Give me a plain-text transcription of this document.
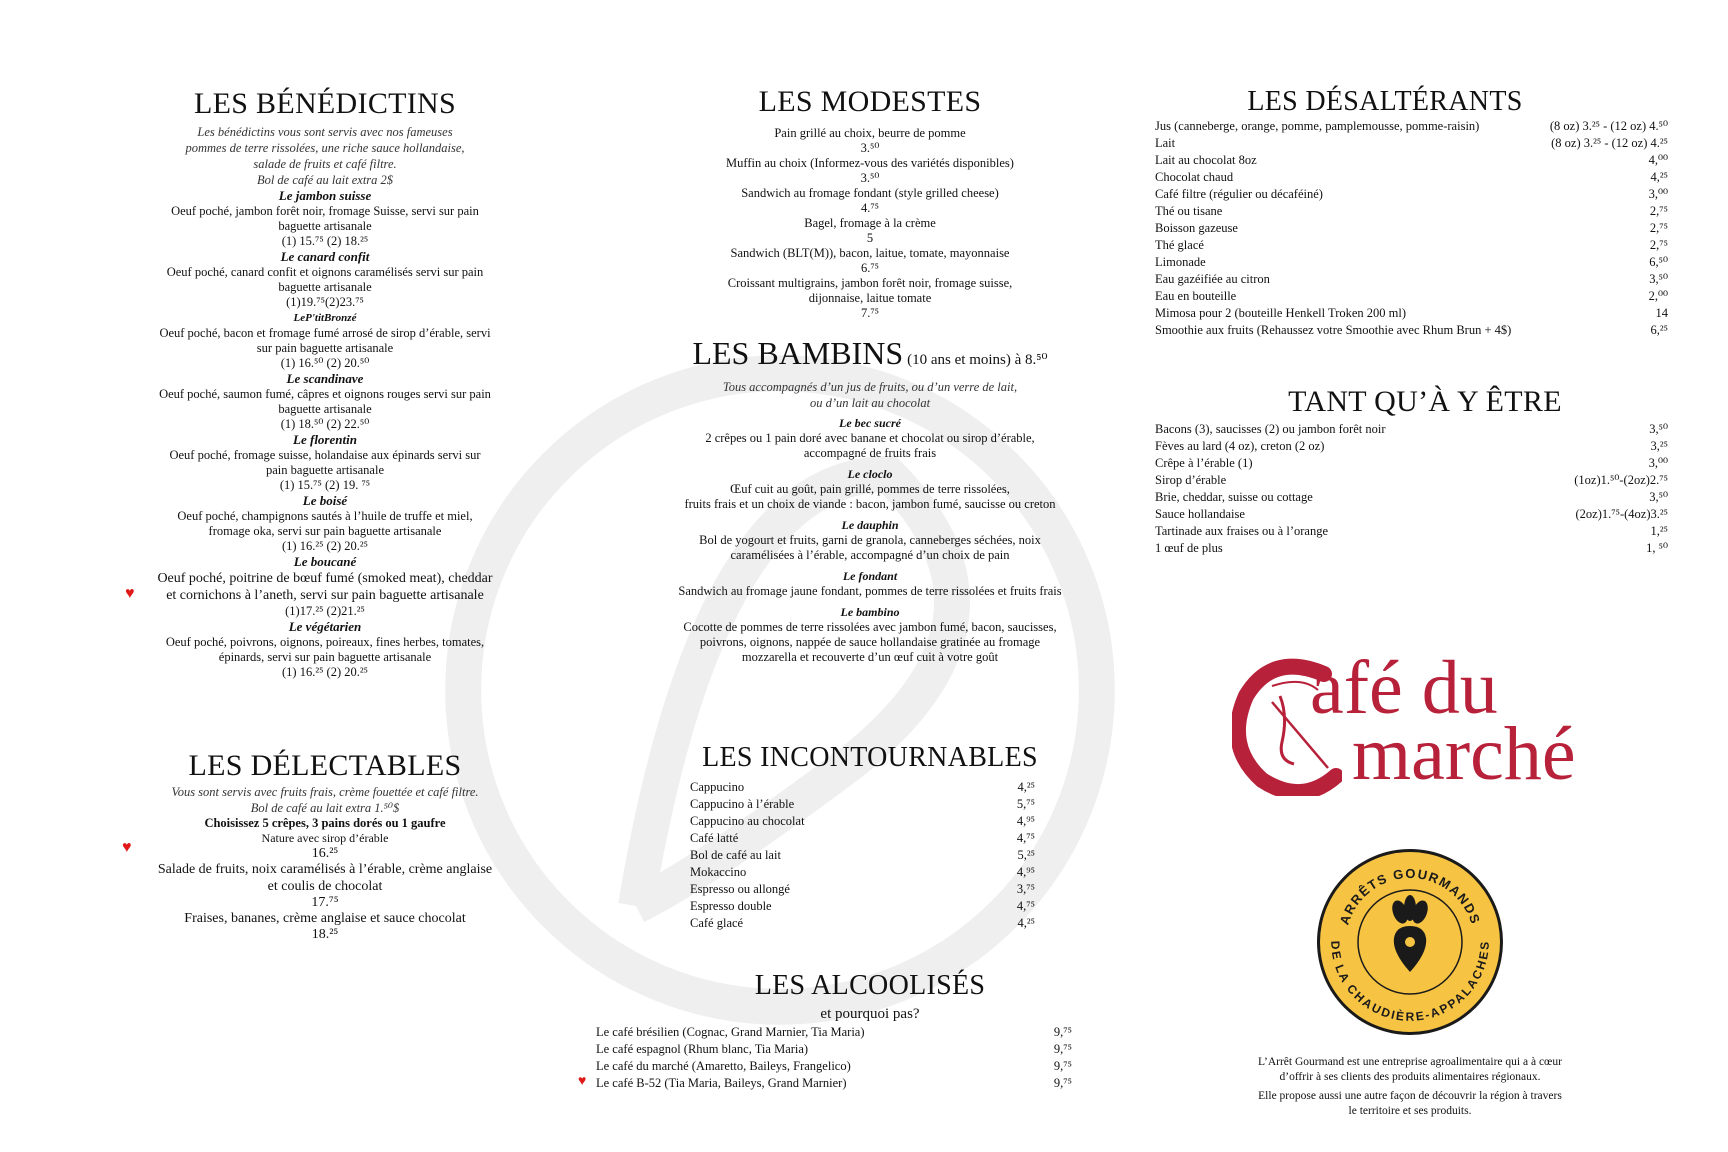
LES BÉNÉDICTINS
Les bénédictins vous sont servis avec nos fameuses
pommes de terre rissolées, une riche sauce hollandaise,
salade de fruits et café filtre.
Bol de café au lait extra 2$
Le jambon suisse
Oeuf poché, jambon forêt noir, fromage Suisse, servi sur pain
baguette artisanale
(1) 15.⁷⁵ (2) 18.²⁵
Le canard confit
Oeuf poché, canard confit et oignons caramélisés servi sur pain
baguette artisanale
(1)19.⁷⁵(2)23.⁷⁵
LeP'titBronzé
Oeuf poché, bacon et fromage fumé arrosé de sirop d’érable, servi
sur pain baguette artisanale
(1) 16.⁵⁰ (2) 20.⁵⁰
Le scandinave
Oeuf poché, saumon fumé, câpres et oignons rouges servi sur pain
baguette artisanale
(1) 18.⁵⁰ (2) 22.⁵⁰
Le florentin
Oeuf poché, fromage suisse, holandaise aux épinards servi sur
pain baguette artisanale
(1) 15.⁷⁵ (2) 19. ⁷⁵
Le boisé
Oeuf poché, champignons sautés à l’huile de truffe et miel,
fromage oka, servi sur pain baguette artisanale
(1) 16.²⁵ (2) 20.²⁵
Le boucané
Oeuf poché, poitrine de bœuf fumé (smoked meat), cheddar
et cornichons à l’aneth, servi sur pain baguette artisanale
(1)17.²⁵ (2)21.²⁵
Le végétarien
Oeuf poché, poivrons, oignons, poireaux, fines herbes, tomates,
épinards, servi sur pain baguette artisanale
(1) 16.²⁵ (2) 20.²⁵
♥
LES DÉLECTABLES
Vous sont servis avec fruits frais, crème fouettée et café filtre.
Bol de café au lait extra 1.⁵⁰$
Choisissez 5 crêpes, 3 pains dorés ou 1 gaufre
Nature avec sirop d’érable
16.²⁵
Salade de fruits, noix caramélisés à l’érable, crème anglaise
et coulis de chocolat
17.⁷⁵
Fraises, bananes, crème anglaise et sauce chocolat
18.²⁵
♥
LES MODESTES
Pain grillé au choix, beurre de pomme
3.⁵⁰
Muffin au choix (Informez-vous des variétés disponibles)
3.⁵⁰
Sandwich au fromage fondant (style grilled cheese)
4.⁷⁵
Bagel, fromage à la crème
5
Sandwich (BLT(M)), bacon, laitue, tomate, mayonnaise
6.⁷⁵
Croissant multigrains, jambon forêt noir, fromage suisse,
dijonnaise, laitue tomate
7.⁷⁵
LES BAMBINS (10 ans et moins) à 8.⁵⁰
Tous accompagnés d’un jus de fruits, ou d’un verre de lait,
ou d’un lait au chocolat
Le bec sucré
2 crêpes ou 1 pain doré avec banane et chocolat ou sirop d’érable,
accompagné de fruits frais
Le cloclo
Œuf cuit au goût, pain grillé, pommes de terre rissolées,
fruits frais et un choix de viande : bacon, jambon fumé, saucisse ou creton
Le dauphin
Bol de yogourt et fruits, garni de granola, canneberges séchées, noix
caramélisées à l’érable, accompagné d’un choix de pain
Le fondant
Sandwich au fromage jaune fondant, pommes de terre rissolées et fruits frais
Le bambino
Cocotte de pommes de terre rissolées avec jambon fumé, bacon, saucisses,
poivrons, oignons, nappée de sauce hollandaise gratinée au fromage
mozzarella et recouverte d’un œuf cuit à votre goût
LES INCONTOURNABLES
Cappucino	4,²⁵
Cappucino à l’érable	5,⁷⁵
Cappucino au chocolat	4,⁹⁵
Café latté	4,⁷⁵
Bol de café au lait	5,²⁵
Mokaccino	4,⁹⁵
Espresso ou allongé	3,⁷⁵
Espresso double	4,⁷⁵
Café glacé	4,²⁵
LES ALCOOLISÉS
et pourquoi pas?
Le café brésilien (Cognac, Grand Marnier, Tia Maria)	9,⁷⁵
Le café espagnol (Rhum blanc, Tia Maria)	9,⁷⁵
Le café du marché (Amaretto, Baileys, Frangelico)	9,⁷⁵
Le café B-52 (Tia Maria, Baileys, Grand Marnier)	9,⁷⁵
♥
LES DÉSALTÉRANTS
Jus (canneberge, orange, pomme, pamplemousse, pomme-raisin)	(8 oz) 3.²⁵ - (12 oz) 4.⁵⁰
Lait	(8 oz) 3.²⁵ - (12 oz) 4.²⁵
Lait au chocolat 8oz	4,⁰⁰
Chocolat chaud	4,²⁵
Café filtre (régulier ou décaféiné)	3,⁰⁰
Thé ou tisane	2,⁷⁵
Boisson gazeuse	2,⁷⁵
Thé glacé	2,⁷⁵
Limonade	6,⁵⁰
Eau gazéifiée au citron	3,⁵⁰
Eau en bouteille	2,⁰⁰
Mimosa pour 2 (bouteille Henkell Troken 200 ml)	14
Smoothie aux fruits (Rehaussez votre Smoothie avec Rhum Brun + 4$)	6,²⁵
TANT QU’À Y ÊTRE
Bacons (3), saucisses (2) ou jambon forêt noir	3,⁵⁰
Fèves au lard (4 oz), creton (2 oz)	3,²⁵
Crêpe à l’érable (1)	3,⁰⁰
Sirop d’érable	(1oz)1.⁵⁰-(2oz)2.⁷⁵
Brie, cheddar, suisse ou cottage	3,⁵⁰
Sauce hollandaise	(2oz)1.⁷⁵-(4oz)3.²⁵
Tartinade aux fraises ou à l’orange	1,²⁵
1 œuf de plus	1, ⁵⁰
afé du
marché
ARRÊTS GOURMANDS
DE LA CHAUDIÈRE-APPALACHES
L’Arrêt Gourmand est une entreprise agroalimentaire qui a à cœur
d’offrir à ses clients des produits alimentaires régionaux.
Elle propose aussi une autre façon de découvrir la région à travers
le territoire et ses produits.
